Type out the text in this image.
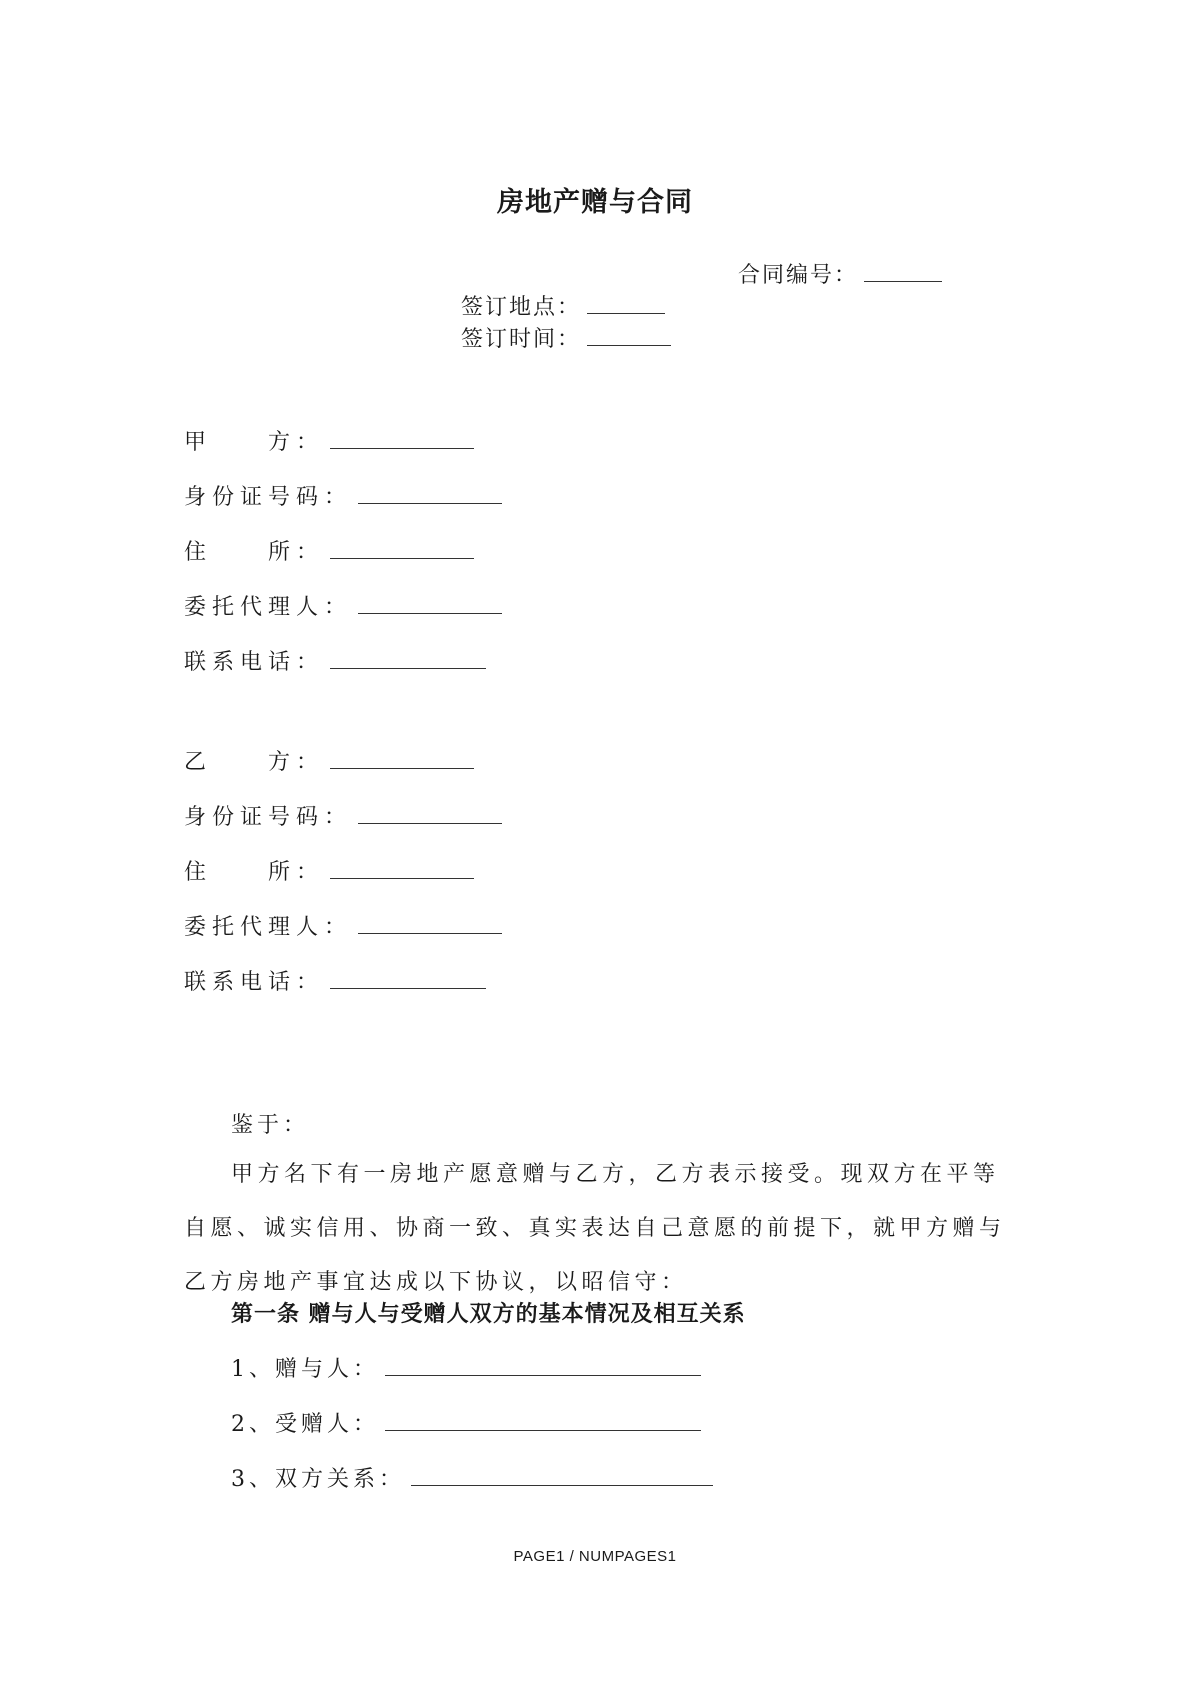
房地产赠与合同
合同编号：
签订地点：
签订时间：
甲　　方：
身份证号码：
住　　所：
委托代理人：
联系电话：
乙　　方：
身份证号码：
住　　所：
委托代理人：
联系电话：
鉴于：
甲方名下有一房地产愿意赠与乙方，乙方表示接受。现双方在平等自愿、诚实信用、协商一致、真实表达自己意愿的前提下，就甲方赠与乙方房地产事宜达成以下协议，以昭信守：
第一条 赠与人与受赠人双方的基本情况及相互关系
1、赠与人：
2、受赠人：
3、双方关系：
PAGE1 / NUMPAGES1
